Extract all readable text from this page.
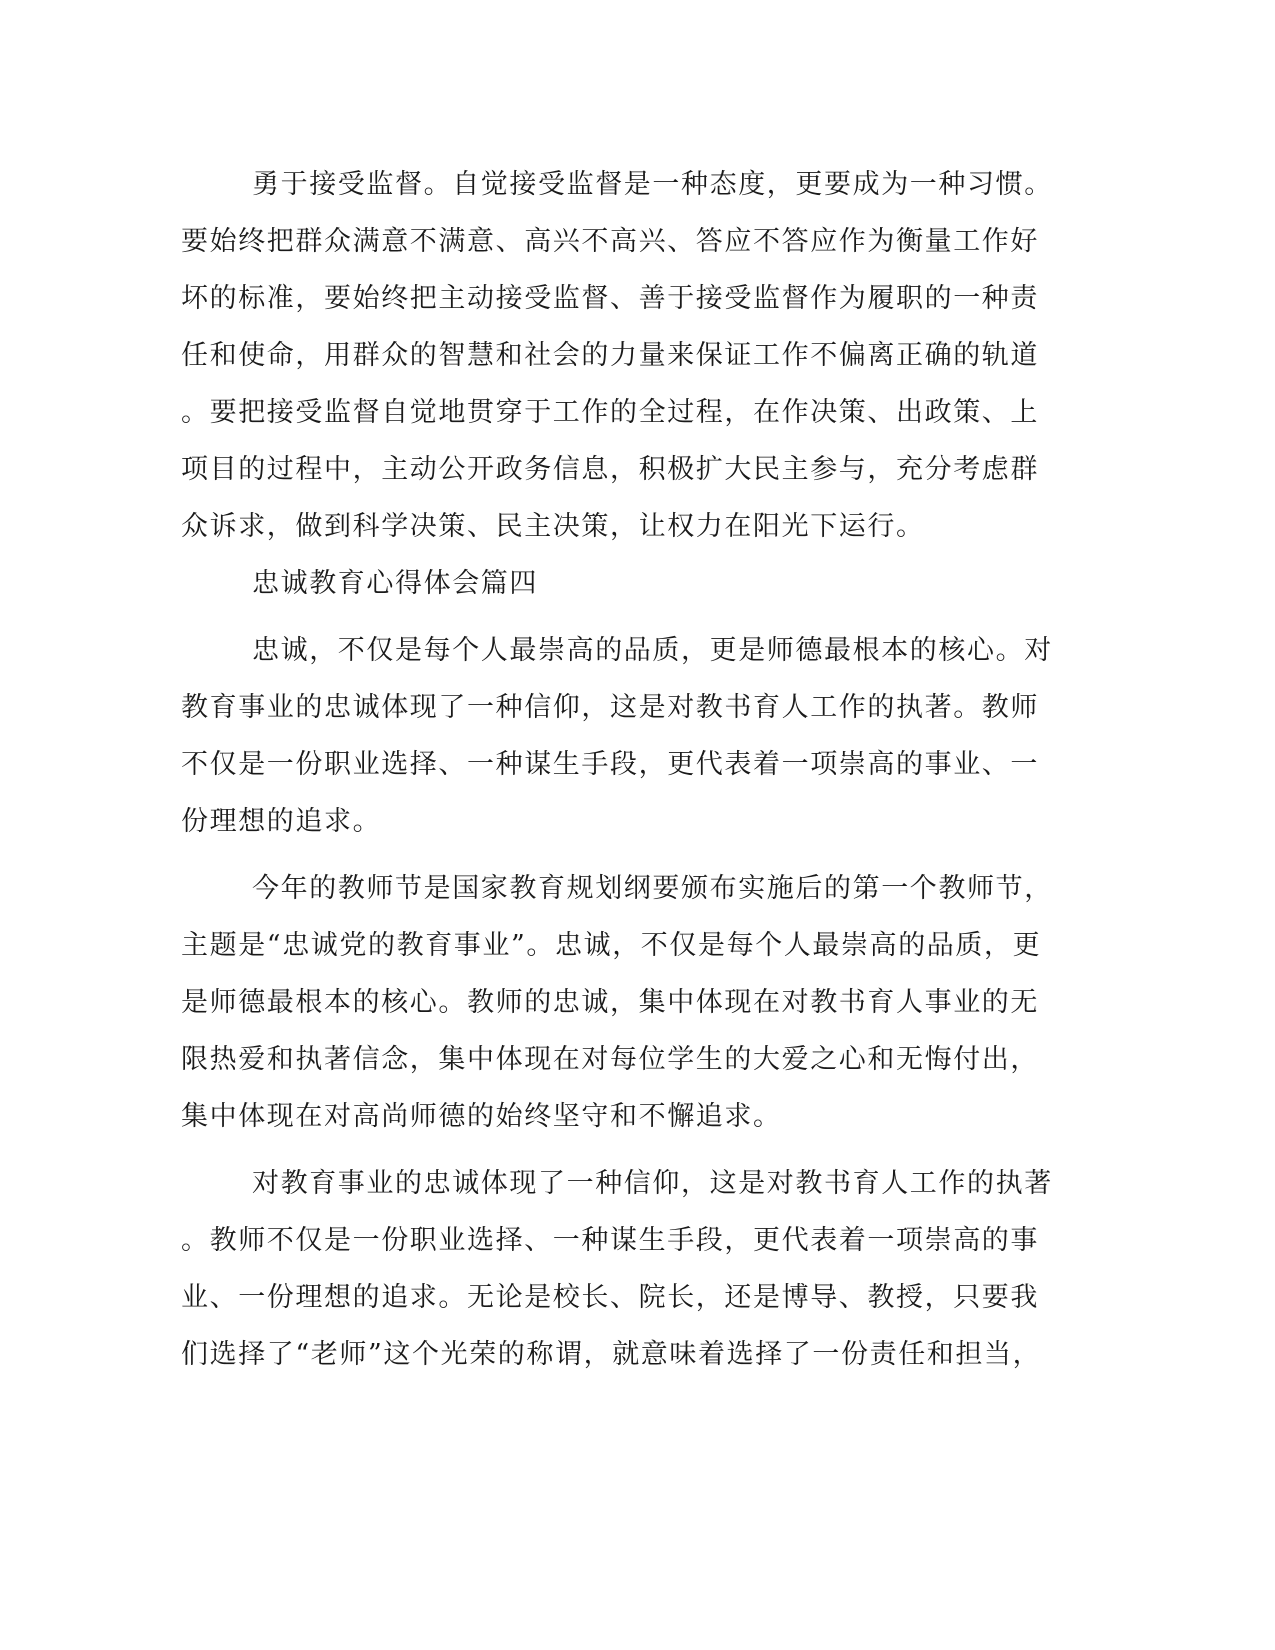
勇于接受监督。自觉接受监督是一种态度，更要成为一种习惯。
要始终把群众满意不满意、高兴不高兴、答应不答应作为衡量工作好
坏的标准，要始终把主动接受监督、善于接受监督作为履职的一种责
任和使命，用群众的智慧和社会的力量来保证工作不偏离正确的轨道
。要把接受监督自觉地贯穿于工作的全过程，在作决策、出政策、上
项目的过程中，主动公开政务信息，积极扩大民主参与，充分考虑群
众诉求，做到科学决策、民主决策，让权力在阳光下运行。
忠诚教育心得体会篇四
忠诚，不仅是每个人最崇高的品质，更是师德最根本的核心。对
教育事业的忠诚体现了一种信仰，这是对教书育人工作的执著。教师
不仅是一份职业选择、一种谋生手段，更代表着一项崇高的事业、一
份理想的追求。
今年的教师节是国家教育规划纲要颁布实施后的第一个教师节，
主题是“忠诚党的教育事业”。忠诚，不仅是每个人最崇高的品质，更
是师德最根本的核心。教师的忠诚，集中体现在对教书育人事业的无
限热爱和执著信念，集中体现在对每位学生的大爱之心和无悔付出，
集中体现在对高尚师德的始终坚守和不懈追求。
对教育事业的忠诚体现了一种信仰，这是对教书育人工作的执著
。教师不仅是一份职业选择、一种谋生手段，更代表着一项崇高的事
业、一份理想的追求。无论是校长、院长，还是博导、教授，只要我
们选择了“老师”这个光荣的称谓，就意味着选择了一份责任和担当，
